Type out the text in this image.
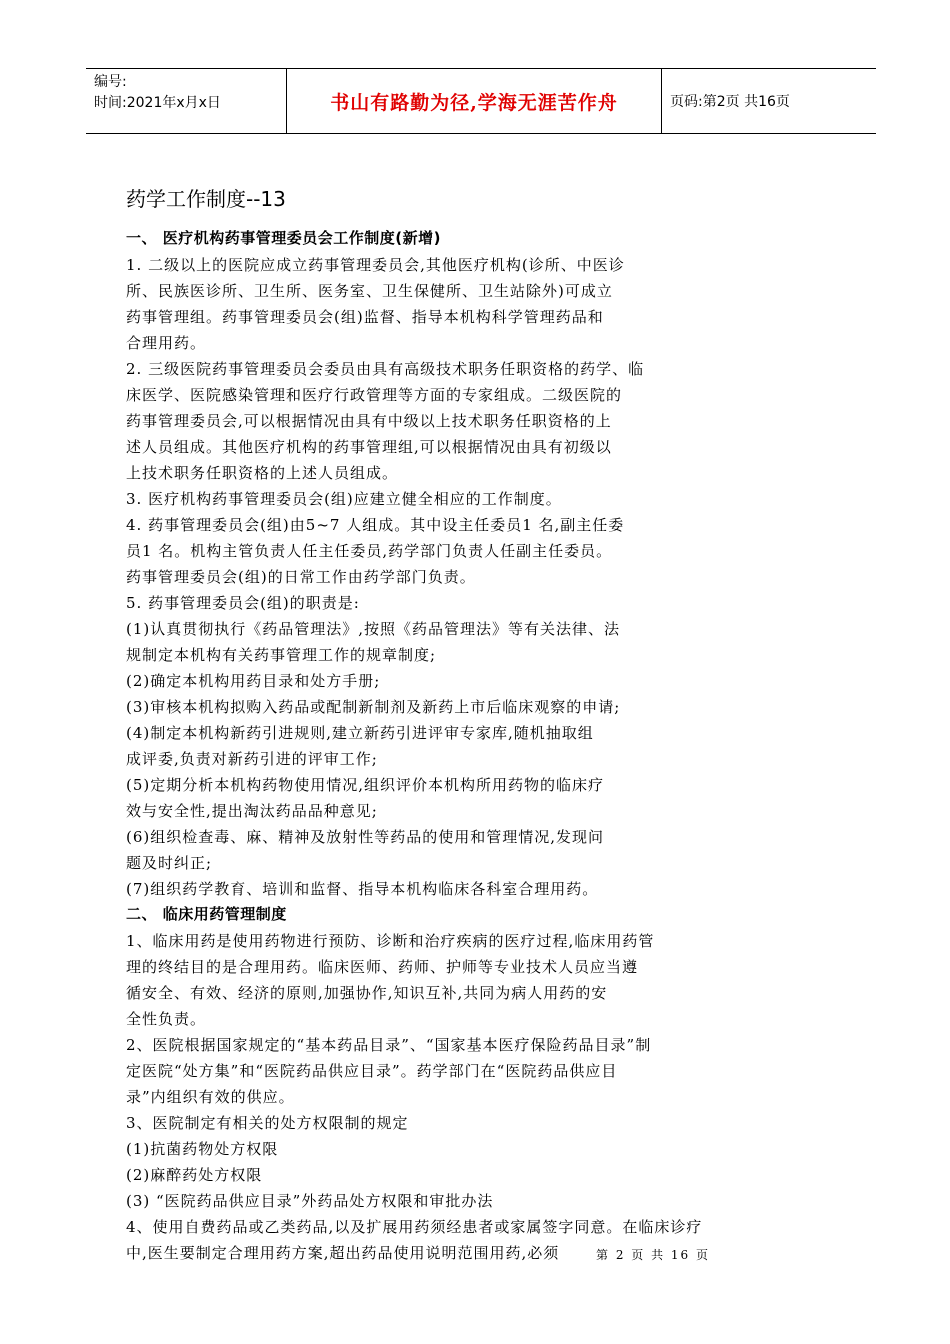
编号:
时间:2021年x月x日	书山有路勤为径,学海无涯苦作舟	页码:第2页 共16页
药学工作制度--13
一、 医疗机构药事管理委员会工作制度(新增)
1. 二级以上的医院应成立药事管理委员会,其他医疗机构(诊所、中医诊
所、民族医诊所、卫生所、医务室、卫生保健所、卫生站除外)可成立
药事管理组。药事管理委员会(组)监督、指导本机构科学管理药品和
合理用药。
2. 三级医院药事管理委员会委员由具有高级技术职务任职资格的药学、临
床医学、医院感染管理和医疗行政管理等方面的专家组成。二级医院的
药事管理委员会,可以根据情况由具有中级以上技术职务任职资格的上
述人员组成。其他医疗机构的药事管理组,可以根据情况由具有初级以
上技术职务任职资格的上述人员组成。
3. 医疗机构药事管理委员会(组)应建立健全相应的工作制度。
4. 药事管理委员会(组)由5~7 人组成。其中设主任委员1 名,副主任委
员1 名。机构主管负责人任主任委员,药学部门负责人任副主任委员。
药事管理委员会(组)的日常工作由药学部门负责。
5. 药事管理委员会(组)的职责是:
(1)认真贯彻执行《药品管理法》,按照《药品管理法》等有关法律、法
规制定本机构有关药事管理工作的规章制度;
(2)确定本机构用药目录和处方手册;
(3)审核本机构拟购入药品或配制新制剂及新药上市后临床观察的申请;
(4)制定本机构新药引进规则,建立新药引进评审专家库,随机抽取组
成评委,负责对新药引进的评审工作;
(5)定期分析本机构药物使用情况,组织评价本机构所用药物的临床疗
效与安全性,提出淘汰药品品种意见;
(6)组织检查毒、麻、精神及放射性等药品的使用和管理情况,发现问
题及时纠正;
(7)组织药学教育、培训和监督、指导本机构临床各科室合理用药。
二、 临床用药管理制度
1、临床用药是使用药物进行预防、诊断和治疗疾病的医疗过程,临床用药管
理的终结目的是合理用药。临床医师、药师、护师等专业技术人员应当遵
循安全、有效、经济的原则,加强协作,知识互补,共同为病人用药的安
全性负责。
2、医院根据国家规定的“基本药品目录”、“国家基本医疗保险药品目录”制
定医院“处方集”和“医院药品供应目录”。药学部门在“医院药品供应目
录”内组织有效的供应。
3、医院制定有相关的处方权限制的规定
(1)抗菌药物处方权限
(2)麻醉药处方权限
(3) “医院药品供应目录”外药品处方权限和审批办法
4、使用自费药品或乙类药品,以及扩展用药须经患者或家属签字同意。在临床诊疗
中,医生要制定合理用药方案,超出药品使用说明范围用药,必须	第 2 页 共 16 页
